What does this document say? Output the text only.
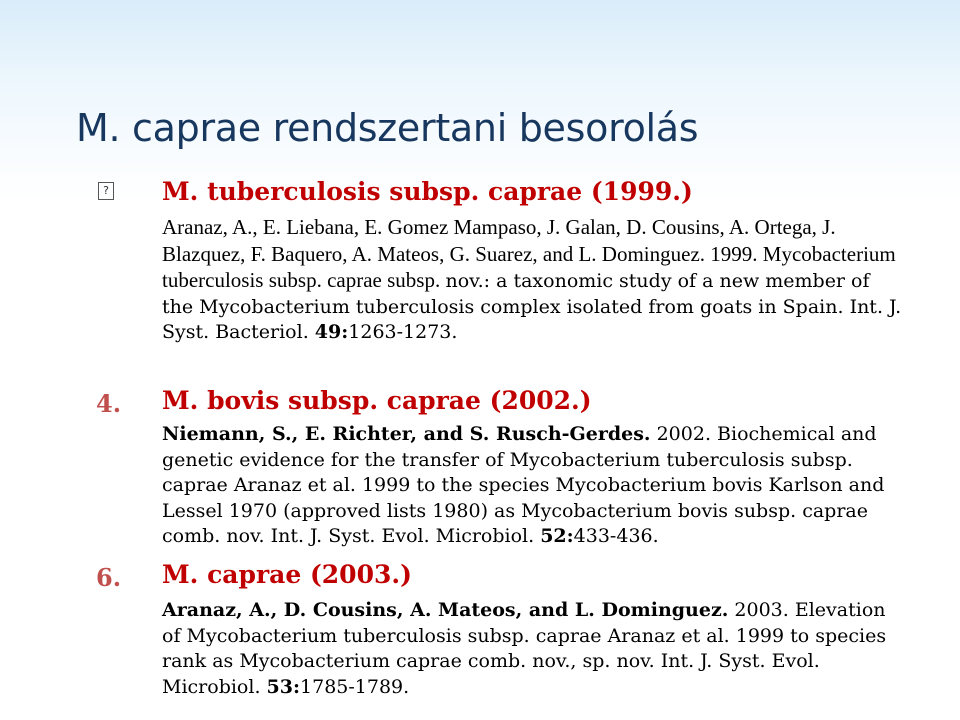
M. caprae rendszertani besorolás
? M. tuberculosis subsp. caprae (1999.)
Aranaz, A., E. Liebana, E. Gomez Mampaso, J. Galan, D. Cousins, A. Ortega, J. Blazquez, F. Baquero, A. Mateos, G. Suarez, and L. Dominguez. 1999. Mycobacterium tuberculosis subsp. caprae subsp. nov.: a taxonomic study of a new member of the Mycobacterium tuberculosis complex isolated from goats in Spain. Int. J. Syst. Bacteriol. 49:1263-1273.
4.	M. bovis subsp. caprae (2002.)
Niemann, S., E. Richter, and S. Rusch-Gerdes. 2002. Biochemical and genetic evidence for the transfer of Mycobacterium tuberculosis subsp. caprae Aranaz et al. 1999 to the species Mycobacterium bovis Karlson and Lessel 1970 (approved lists 1980) as Mycobacterium bovis subsp. caprae comb. nov. Int. J. Syst. Evol. Microbiol. 52:433-436.
6.	M. caprae (2003.)
Aranaz, A., D. Cousins, A. Mateos, and L. Dominguez. 2003. Elevation of Mycobacterium tuberculosis subsp. caprae Aranaz et al. 1999 to species rank as Mycobacterium caprae comb. nov., sp. nov. Int. J. Syst. Evol. Microbiol. 53:1785-1789.
